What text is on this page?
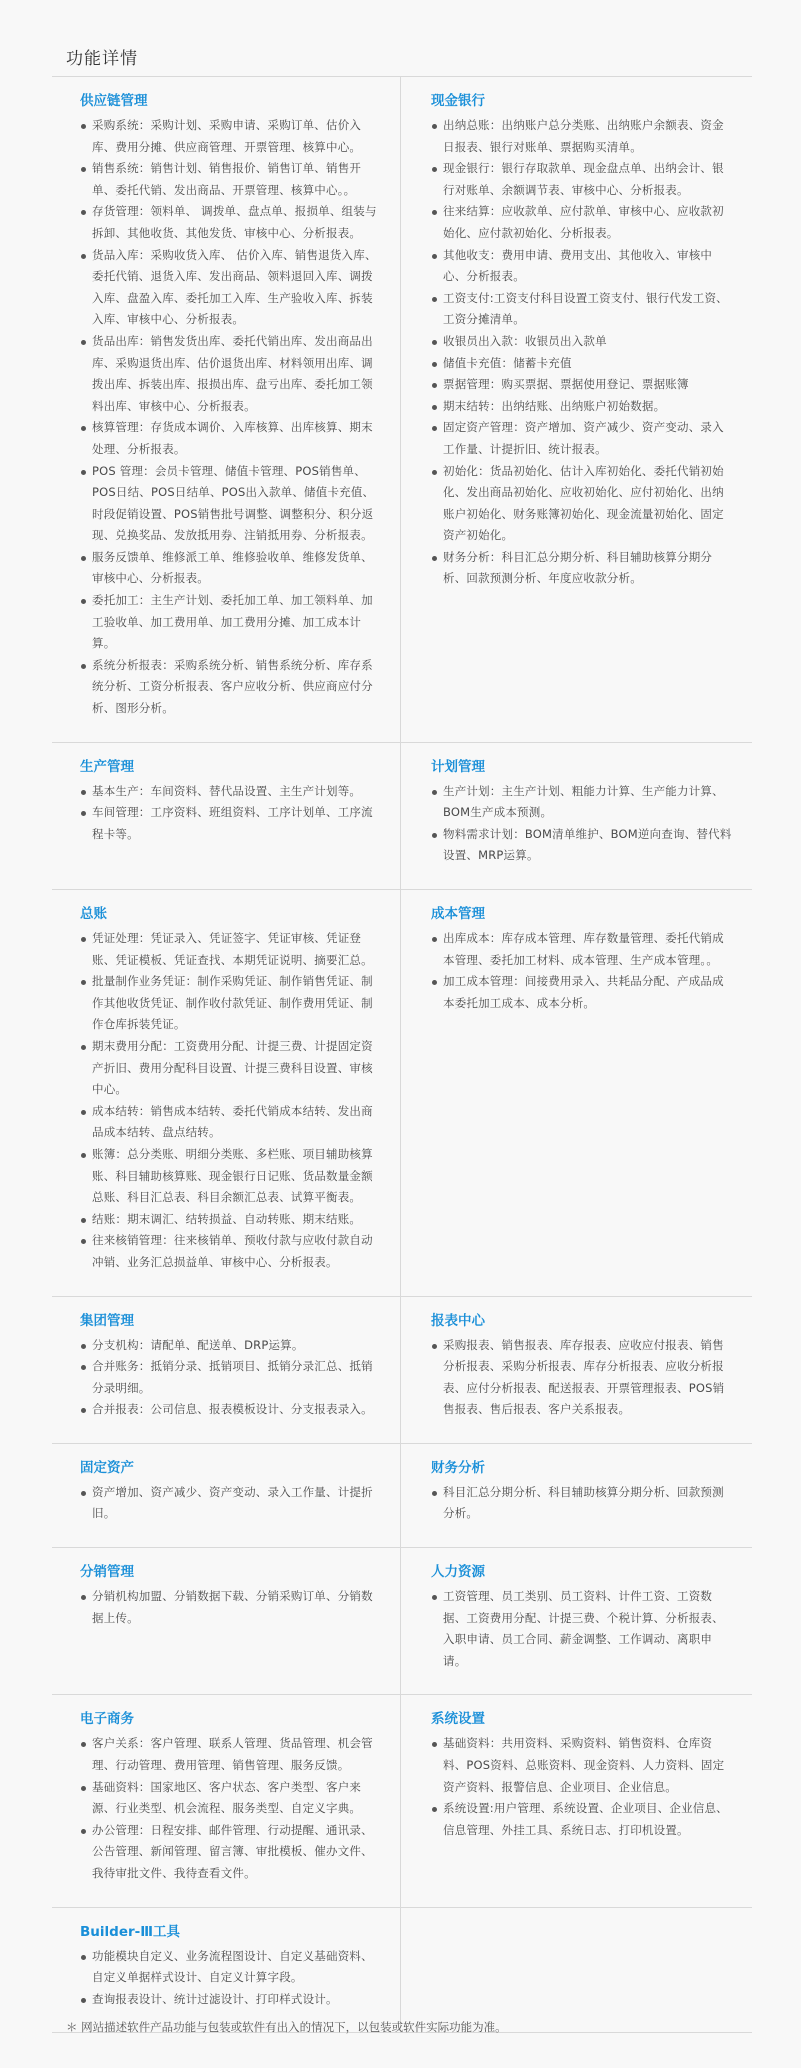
功能详情
供应链管理
采购系统：采购计划、采购申请、采购订单、估价入库、费用分摊、供应商管理、开票管理、核算中心。
销售系统：销售计划、销售报价、销售订单、销售开单、委托代销、发出商品、开票管理、核算中心。。
存货管理：领料单、 调拨单、盘点单、报损单、组装与拆卸、其他收货、其他发货、审核中心、分析报表。
货品入库：采购收货入库、 估价入库、销售退货入库、委托代销、退货入库、发出商品、领料退回入库、调拨入库、盘盈入库、委托加工入库、生产验收入库、拆装入库、审核中心、分析报表。
货品出库：销售发货出库、委托代销出库、发出商品出库、采购退货出库、估价退货出库、材料领用出库、调拨出库、拆装出库、报损出库、盘亏出库、委托加工领料出库、审核中心、分析报表。
核算管理：存货成本调价、入库核算、出库核算、期末处理、分析报表。
POS 管理：会员卡管理、储值卡管理、POS销售单、POS日结、POS日结单、POS出入款单、储值卡充值、时段促销设置、POS销售批号调整、调整积分、积分返现、兑换奖品、发放抵用券、注销抵用券、分析报表。
服务反馈单、维修派工单、维修验收单、维修发货单、审核中心、分析报表。
委托加工：主生产计划、委托加工单、加工领料单、加工验收单、加工费用单、加工费用分摊、加工成本计算。
系统分析报表：采购系统分析、销售系统分析、库存系统分析、工资分析报表、客户应收分析、供应商应付分析、图形分析。
现金银行
出纳总账：出纳账户总分类账、出纳账户余额表、资金日报表、银行对账单、票据购买清单。
现金银行：银行存取款单、现金盘点单、出纳会计、银行对账单、余额调节表、审核中心、分析报表。
往来结算：应收款单、应付款单、审核中心、应收款初始化、应付款初始化、分析报表。
其他收支：费用申请、费用支出、其他收入、审核中心、分析报表。
工资支付:工资支付科目设置工资支付、银行代发工资、工资分摊清单。
收银员出入款：收银员出入款单
储值卡充值：储蓄卡充值
票据管理：购买票据、票据使用登记、票据账簿
期末结转：出纳结账、出纳账户初始数据。
固定资产管理：资产增加、资产减少、资产变动、录入工作量、计提折旧、统计报表。
初始化：货品初始化、估计入库初始化、委托代销初始化、发出商品初始化、应收初始化、应付初始化、出纳账户初始化、财务账簿初始化、现金流量初始化、固定资产初始化。
财务分析：科目汇总分期分析、科目辅助核算分期分析、回款预测分析、年度应收款分析。
生产管理
基本生产：车间资料、替代品设置、主生产计划等。
车间管理：工序资料、班组资料、工序计划单、工序流程卡等。
计划管理
生产计划：主生产计划、粗能力计算、生产能力计算、BOM生产成本预测。
物料需求计划：BOM清单维护、BOM逆向查询、替代料设置、MRP运算。
总账
凭证处理：凭证录入、凭证签字、凭证审核、凭证登账、凭证模板、凭证查找、本期凭证说明、摘要汇总。
批量制作业务凭证：制作采购凭证、制作销售凭证、制作其他收货凭证、制作收付款凭证、制作费用凭证、制作仓库拆装凭证。
期末费用分配：工资费用分配、计提三费、计提固定资产折旧、费用分配科目设置、计提三费科目设置、审核中心。
成本结转：销售成本结转、委托代销成本结转、发出商品成本结转、盘点结转。
账簿：总分类账、明细分类账、多栏账、项目辅助核算账、科目辅助核算账、现金银行日记账、货品数量金额总账、科目汇总表、科目余额汇总表、试算平衡表。
结账：期末调汇、结转损益、自动转账、期末结账。
往来核销管理：往来核销单、预收付款与应收付款自动冲销、业务汇总损益单、审核中心、分析报表。
成本管理
出库成本：库存成本管理、库存数量管理、委托代销成本管理、委托加工材料、成本管理、生产成本管理。。
加工成本管理：间接费用录入、共耗品分配、产成品成本委托加工成本、成本分析。
集团管理
分支机构：请配单、配送单、DRP运算。
合并账务：抵销分录、抵销项目、抵销分录汇总、抵销分录明细。
合并报表：公司信息、报表模板设计、分支报表录入。
报表中心
采购报表、销售报表、库存报表、应收应付报表、销售分析报表、采购分析报表、库存分析报表、应收分析报表、应付分析报表、配送报表、开票管理报表、POS销售报表、售后报表、客户关系报表。
固定资产
资产增加、资产减少、资产变动、录入工作量、计提折旧。
财务分析
科目汇总分期分析、科目辅助核算分期分析、回款预测分析。
分销管理
分销机构加盟、分销数据下载、分销采购订单、分销数据上传。
人力资源
工资管理、员工类别、员工资料、计件工资、工资数据、工资费用分配、计提三费、个税计算、分析报表、入职申请、员工合同、薪金调整、工作调动、离职申请。
电子商务
客户关系：客户管理、联系人管理、货品管理、机会管理、行动管理、费用管理、销售管理、服务反馈。
基础资料：国家地区、客户状态、客户类型、客户来源、行业类型、机会流程、服务类型、自定义字典。
办公管理：日程安排、邮件管理、行动提醒、通讯录、公告管理、新闻管理、留言簿、审批模板、催办文件、我待审批文件、我待查看文件。
系统设置
基础资料：共用资料、采购资料、销售资料、仓库资料、POS资料、总账资料、现金资料、人力资料、固定资产资料、报警信息、企业项目、企业信息。
系统设置:用户管理、系统设置、企业项目、企业信息、信息管理、外挂工具、系统日志、打印机设置。
Builder-Ⅲ工具
功能模块自定义、业务流程图设计、自定义基础资料、自定义单据样式设计、自定义计算字段。
查询报表设计、统计过滤设计、打印样式设计。
＊ 网站描述软件产品功能与包装或软件有出入的情况下，以包装或软件实际功能为准。
